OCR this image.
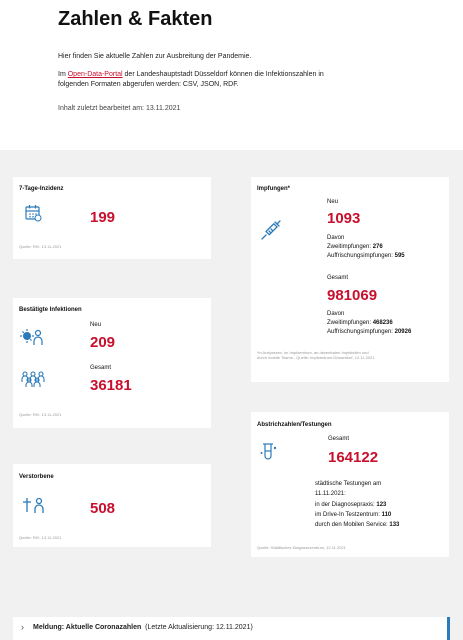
Zahlen & Fakten
Hier finden Sie aktuelle Zahlen zur Ausbreitung der Pandemie.
Im Open-Data-Portal der Landeshauptstadt Düsseldorf können die Infektionszahlen in
folgenden Formaten abgerufen werden: CSV, JSON, RDF.
Inhalt zuletzt bearbeitet am: 13.11.2021
7-Tage-Inzidenz
199
Quelle: RKI, 13.11.2021
Impfungen*
Neu
1093
Davon
Zweitimpfungen: 276
Auffrischungsimpfungen: 595
Gesamt
981069
Davon
Zweitimpfungen: 468236
Auffrischungsimpfungen: 20926
*in Arztpraxen, im Impfzentrum, an dezentralen Impfstellen und
durch mobile Teams - Quelle: Impfzentrum Düsseldorf, 12.11.2021
Bestätigte Infektionen
Neu
209
Gesamt
36181
Quelle: RKI, 13.11.2021
Abstrichzahlen/Testungen
Gesamt
164122
städtische Testungen am
11.11.2021:
in der Diagnosepraxis: 123
im Drive-In Testzentrum: 110
durch den Mobilen Service: 133
Quelle: Städtisches Diagnosezentrum, 12.11.2021
Verstorbene
508
Quelle: RKI, 13.11.2021
› Meldung: Aktuelle Coronazahlen (Letzte Aktualisierung: 12.11.2021)
